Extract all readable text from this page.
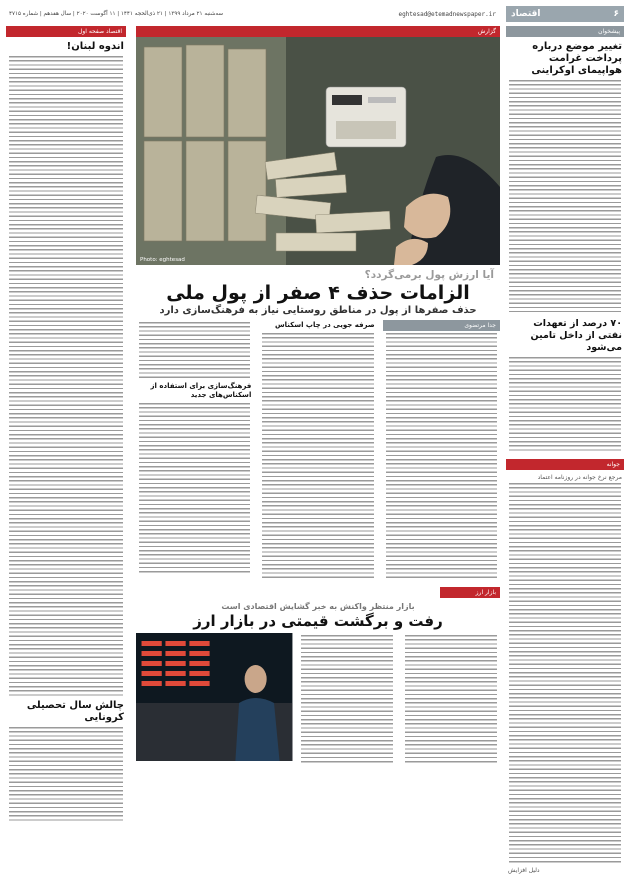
۶
اقتصاد
eghtesad@etemadnewspaper.ir
سه‌شنبه ۲۱ مرداد ۱۳۹۹ | ۲۱ ذی‌الحجه ۱۴۴۱ | ۱۱ آگوست ۲۰۲۰ | سال هفدهم | شماره ۴۷۱۵
پیشخوان
تغییر موضع درباره پرداخت غرامت هواپیمای اوکراینی
۷۰ درصد از تعهدات نفتی از داخل تامین می‌شود
جوانه
مرجع نرخ جوانه در روزنامه اعتماد
دلیل افزایش
گزارش
Photo: eghtesad
آیا ارزش پول برمی‌گردد؟
الزامات حذف ۴ صفر از پول ملی
حذف صفرها از پول در مناطق روستایی نیاز به فرهنگ‌سازی دارد
جدا مرتضوی
صرفه جویی در چاپ اسکناس
فرهنگ‌سازی برای استفاده از اسکناس‌های جدید
بازار ارز
بازار منتظر واکنش به خبر گشایش اقتصادی است
رفت و برگشت قیمتی در بازار ارز
اقتصاد صفحه اول
اندوه لبنان!
چالش سال تحصیلی کرونایی
